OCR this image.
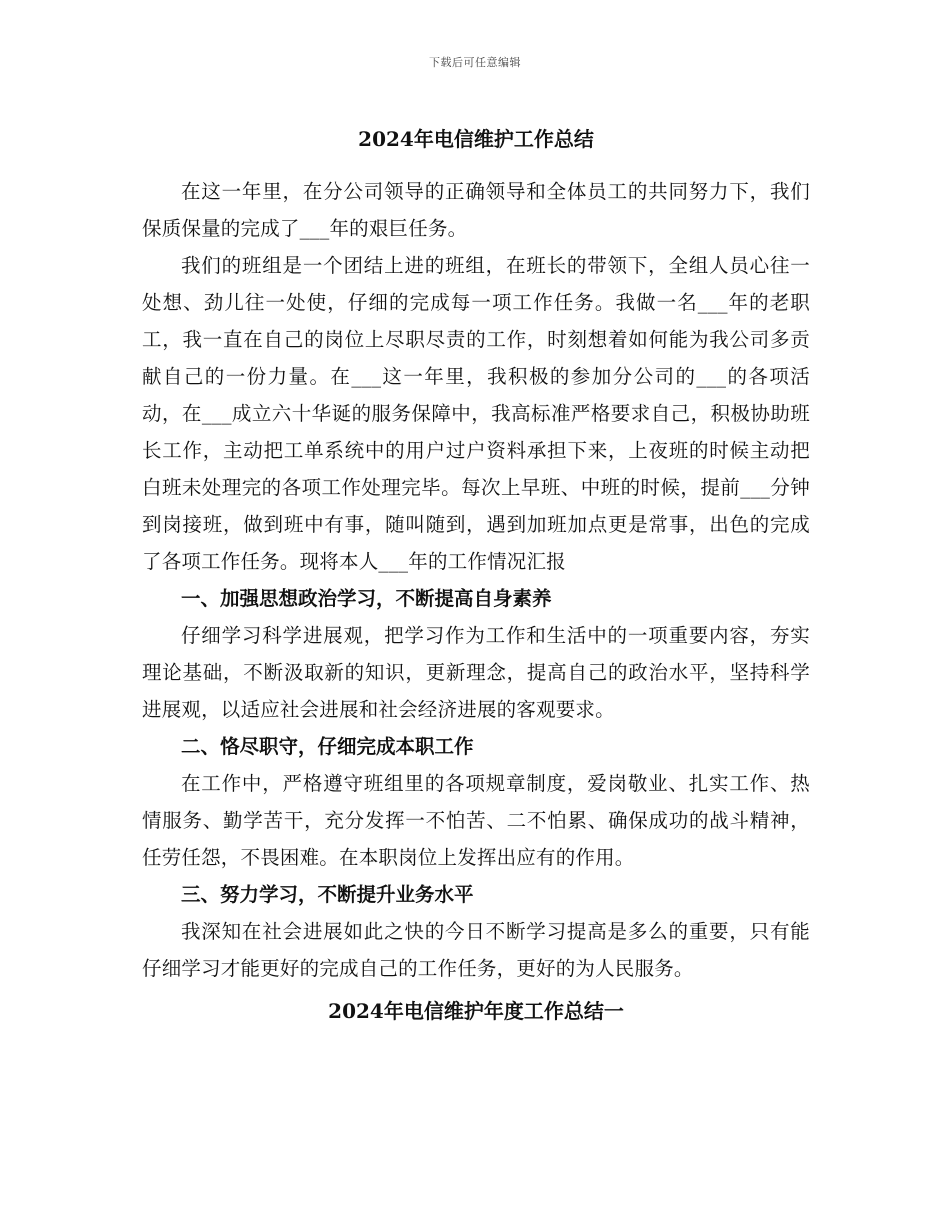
下载后可任意编辑
2024年电信维护工作总结

在这一年里，在分公司领导的正确领导和全体员工的共同努力下，我们保质保量的完成了___年的艰巨任务。

我们的班组是一个团结上进的班组，在班长的带领下，全组人员心往一处想、劲儿往一处使，仔细的完成每一项工作任务。我做一名___年的老职工，我一直在自己的岗位上尽职尽责的工作，时刻想着如何能为我公司多贡献自己的一份力量。在___这一年里，我积极的参加分公司的___的各项活动，在___成立六十华诞的服务保障中，我高标准严格要求自己，积极协助班长工作，主动把工单系统中的用户过户资料承担下来，上夜班的时候主动把白班未处理完的各项工作处理完毕。每次上早班、中班的时候，提前___分钟到岗接班，做到班中有事，随叫随到，遇到加班加点更是常事，出色的完成了各项工作任务。现将本人___年的工作情况汇报

一、加强思想政治学习，不断提高自身素养

仔细学习科学进展观，把学习作为工作和生活中的一项重要内容，夯实理论基础，不断汲取新的知识，更新理念，提高自己的政治水平，坚持科学进展观，以适应社会进展和社会经济进展的客观要求。

二、恪尽职守，仔细完成本职工作

在工作中，严格遵守班组里的各项规章制度，爱岗敬业、扎实工作、热情服务、勤学苦干，充分发挥一不怕苦、二不怕累、确保成功的战斗精神，任劳任怨，不畏困难。在本职岗位上发挥出应有的作用。

三、努力学习，不断提升业务水平

我深知在社会进展如此之快的今日不断学习提高是多么的重要，只有能仔细学习才能更好的完成自己的工作任务，更好的为人民服务。

2024年电信维护年度工作总结一
